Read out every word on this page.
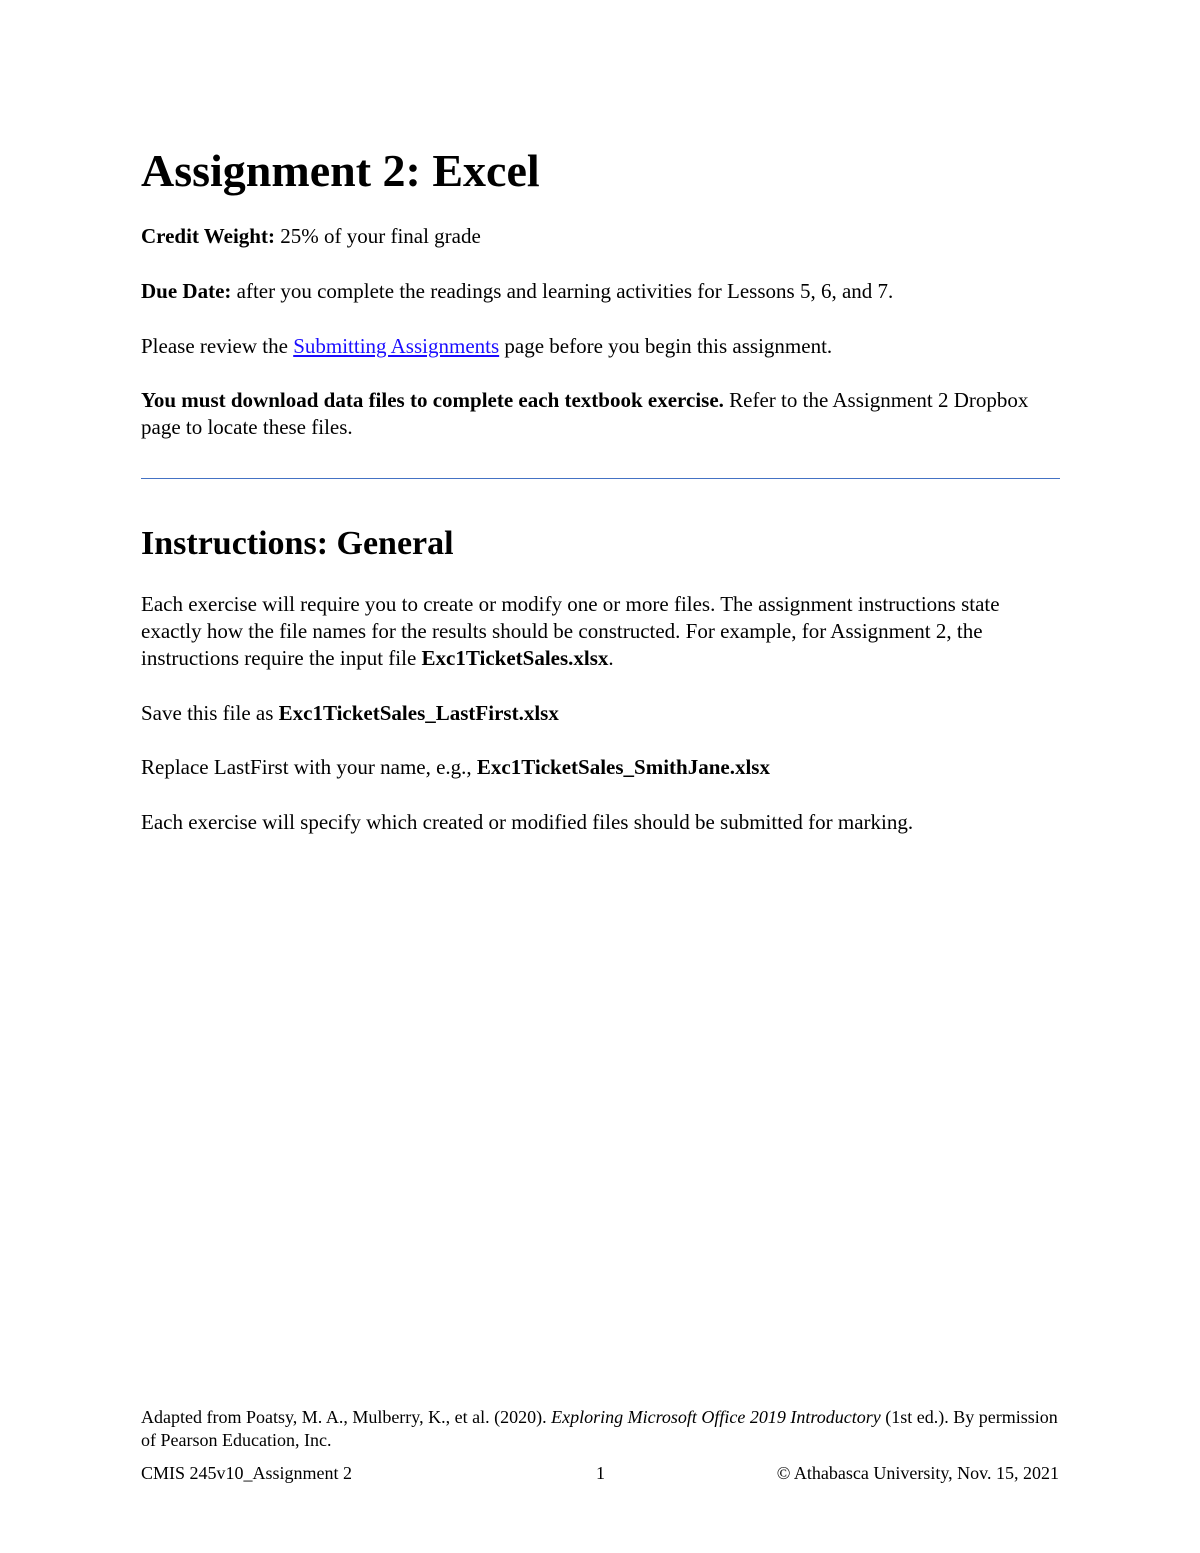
Assignment 2: Excel

Credit Weight: 25% of your final grade

Due Date: after you complete the readings and learning activities for Lessons 5, 6, and 7.

Please review the Submitting Assignments page before you begin this assignment.

You must download data files to complete each textbook exercise. Refer to the Assignment 2 Dropbox page to locate these files.

Instructions: General

Each exercise will require you to create or modify one or more files. The assignment instructions state exactly how the file names for the results should be constructed. For example, for Assignment 2, the instructions require the input file Exc1TicketSales.xlsx.

Save this file as Exc1TicketSales_LastFirst.xlsx

Replace LastFirst with your name, e.g., Exc1TicketSales_SmithJane.xlsx

Each exercise will specify which created or modified files should be submitted for marking.

Adapted from Poatsy, M. A., Mulberry, K., et al. (2020). Exploring Microsoft Office 2019 Introductory (1st ed.). By permission of Pearson Education, Inc.

CMIS 245v10_Assignment 2	1	© Athabasca University, Nov. 15, 2021
